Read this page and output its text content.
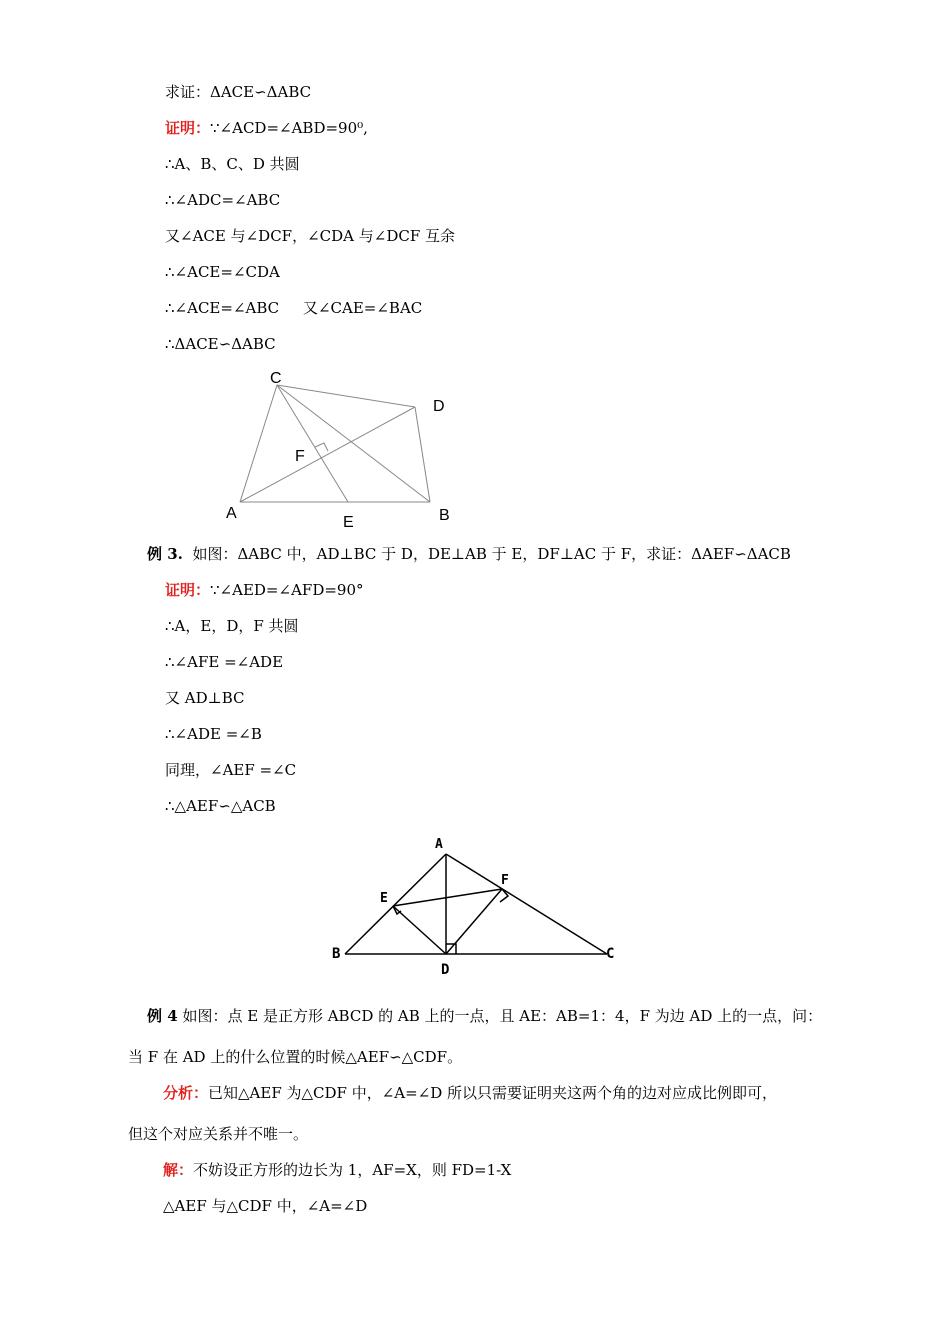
求证：ΔACE∽ΔABC
证明：∵∠ACD=∠ABD=90⁰,
∴A、B、C、D 共圆
∴∠ADC=∠ABC
又∠ACE 与∠DCF，∠CDA 与∠DCF 互余
∴∠ACE=∠CDA
∴∠ACE=∠ABC     又∠CAE=∠BAC
∴ΔACE∽ΔABC
C
D
F
A
E	B
例 3. 如图：ΔABC 中，AD⊥BC 于 D，DE⊥AB 于 E，DF⊥AC 于 F，求证：ΔAEF∽ΔACB
证明：∵∠AED=∠AFD=90°
∴A，E，D，F 共圆
∴∠AFE =∠ADE
又 AD⊥BC
∴∠ADE =∠B
同理，∠AEF =∠C
∴△AEF∽△ACB
A
E
F
B
D
C
例 4 如图：点 E 是正方形 ABCD 的 AB 上的一点，且 AE：AB=1：4，F 为边 AD 上的一点，问：
当 F 在 AD 上的什么位置的时候△AEF∽△CDF。
分析：已知△AEF 为△CDF 中，∠A=∠D 所以只需要证明夹这两个角的边对应成比例即可，
但这个对应关系并不唯一。
解：不妨设正方形的边长为 1，AF=X，则 FD=1-X
△AEF 与△CDF 中，∠A=∠D
